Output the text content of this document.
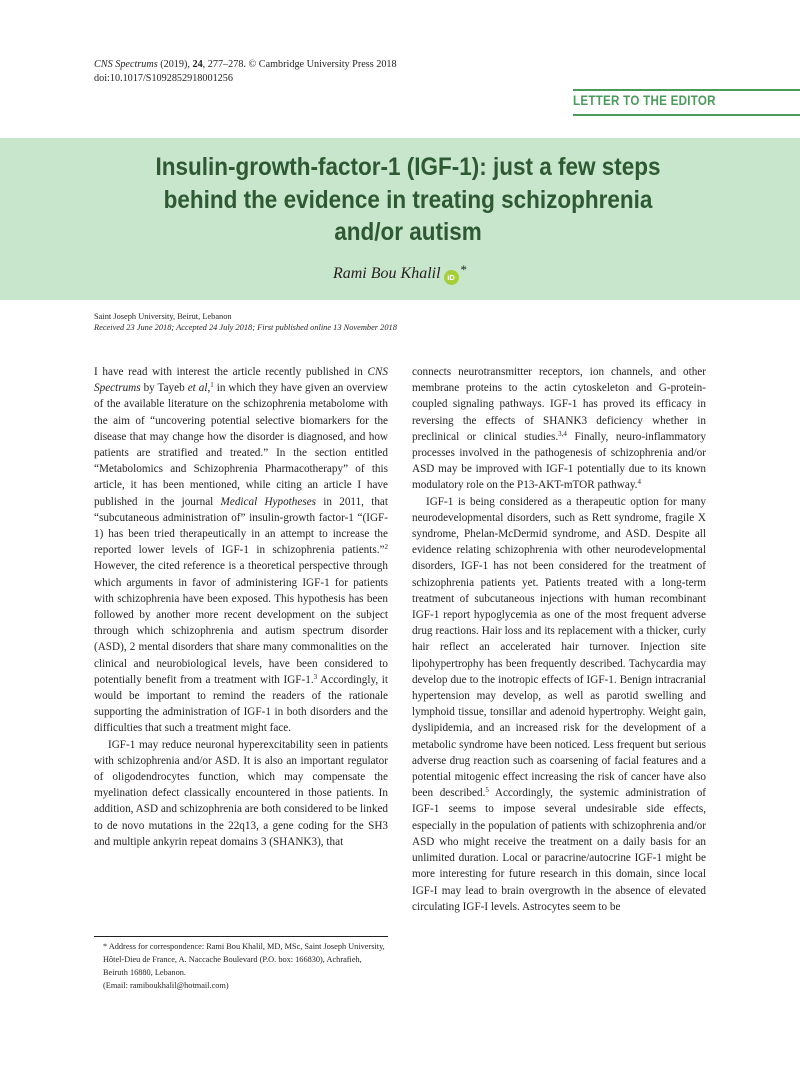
CNS Spectrums (2019), 24, 277–278. © Cambridge University Press 2018
doi:10.1017/S1092852918001256
LETTER TO THE EDITOR
Insulin-growth-factor-1 (IGF-1): just a few steps
behind the evidence in treating schizophrenia
and/or autism
Rami Bou Khalil iD*
Saint Joseph University, Beirut, Lebanon
Received 23 June 2018; Accepted 24 July 2018; First published online 13 November 2018

I have read with interest the article recently published in CNS Spectrums by Tayeb et al,$^1$ in which they have given an overview of the available literature on the schizophrenia metabolome with the aim of “uncovering potential selective biomarkers for the disease that may change how the disorder is diagnosed, and how patients are stratified and treated.” In the section entitled “Metabolomics and Schizophrenia Pharmacotherapy” of this article, it has been mentioned, while citing an article I have published in the journal Medical Hypotheses in 2011, that “subcutaneous administration of” insulin-growth factor-1 “(IGF-1) has been tried therapeutically in an attempt to increase the reported lower levels of IGF-1 in schizophrenia patients.”$^2$ However, the cited reference is a theoretical perspective through which arguments in favor of administering IGF-1 for patients with schizophrenia have been exposed. This hypothesis has been followed by another more recent development on the subject through which schizophrenia and autism spectrum disorder (ASD), 2 mental disorders that share many commonalities on the clinical and neurobiological levels, have been considered to potentially benefit from a treatment with IGF-1.$^3$ Accordingly, it would be important to remind the readers of the rationale supporting the administration of IGF-1 in both disorders and the difficulties that such a treatment might face.

IGF-1 may reduce neuronal hyperexcitability seen in patients with schizophrenia and/or ASD. It is also an important regulator of oligodendrocytes function, which may compensate the myelination defect classically encountered in those patients. In addition, ASD and schizophrenia are both considered to be linked to de novo mutations in the 22q13, a gene coding for the SH3 and multiple ankyrin repeat domains 3 (SHANK3), that

connects neurotransmitter receptors, ion channels, and other membrane proteins to the actin cytoskeleton and G-protein-coupled signaling pathways. IGF-1 has proved its efficacy in reversing the effects of SHANK3 deficiency whether in preclinical or clinical studies.$^{3,4}$ Finally, neuro-inflammatory processes involved in the pathogenesis of schizophrenia and/or ASD may be improved with IGF-1 potentially due to its known modulatory role on the P13-AKT-mTOR pathway.$^4$

IGF-1 is being considered as a therapeutic option for many neurodevelopmental disorders, such as Rett syndrome, fragile X syndrome, Phelan-McDermid syndrome, and ASD. Despite all evidence relating schizophrenia with other neurodevelopmental disorders, IGF-1 has not been considered for the treatment of schizophrenia patients yet. Patients treated with a long-term treatment of subcutaneous injections with human recombinant IGF-1 report hypoglycemia as one of the most frequent adverse drug reactions. Hair loss and its replacement with a thicker, curly hair reflect an accelerated hair turnover. Injection site lipohypertrophy has been frequently described. Tachycardia may develop due to the inotropic effects of IGF-1. Benign intracranial hypertension may develop, as well as parotid swelling and lymphoid tissue, tonsillar and adenoid hypertrophy. Weight gain, dyslipidemia, and an increased risk for the development of a metabolic syndrome have been noticed. Less frequent but serious adverse drug reaction such as coarsening of facial features and a potential mitogenic effect increasing the risk of cancer have also been described.$^5$ Accordingly, the systemic administration of IGF-1 seems to impose several undesirable side effects, especially in the population of patients with schizophrenia and/or ASD who might receive the treatment on a daily basis for an unlimited duration. Local or paracrine/autocrine IGF-1 might be more interesting for future research in this domain, since local IGF-I may lead to brain overgrowth in the absence of elevated circulating IGF-I levels. Astrocytes seem to be

* Address for correspondence: Rami Bou Khalil, MD, MSc, Saint Joseph University, Hôtel-Dieu de France, A. Naccache Boulevard (P.O. box: 166830), Achrafieh, Beiruth 16880, Lebanon.

(Email: ramiboukhalil@hotmail.com)
